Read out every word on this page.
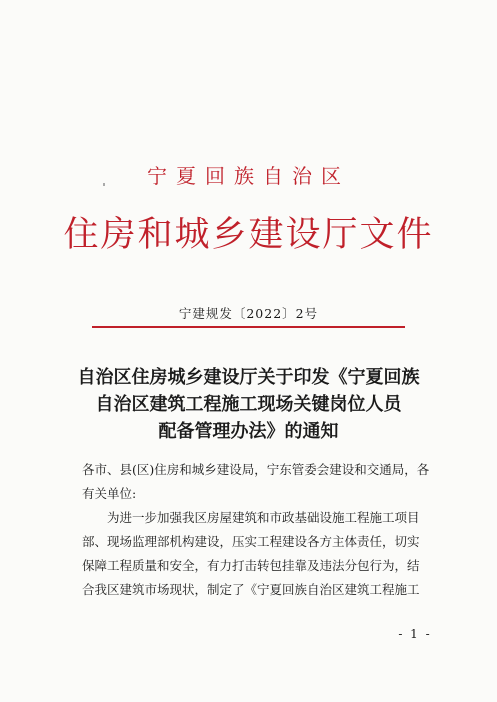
宁夏回族自治区
住房和城乡建设厅文件
宁建规发〔2022〕2号
自治区住房城乡建设厅关于印发《宁夏回族
自治区建筑工程施工现场关键岗位人员
配备管理办法》的通知
各市、县(区)住房和城乡建设局，宁东管委会建设和交通局，各
有关单位:
为进一步加强我区房屋建筑和市政基础设施工程施工项目
部、现场监理部机构建设，压实工程建设各方主体责任，切实
保障工程质量和安全，有力打击转包挂靠及违法分包行为，结
合我区建筑市场现状，制定了《宁夏回族自治区建筑工程施工
- 1 -
